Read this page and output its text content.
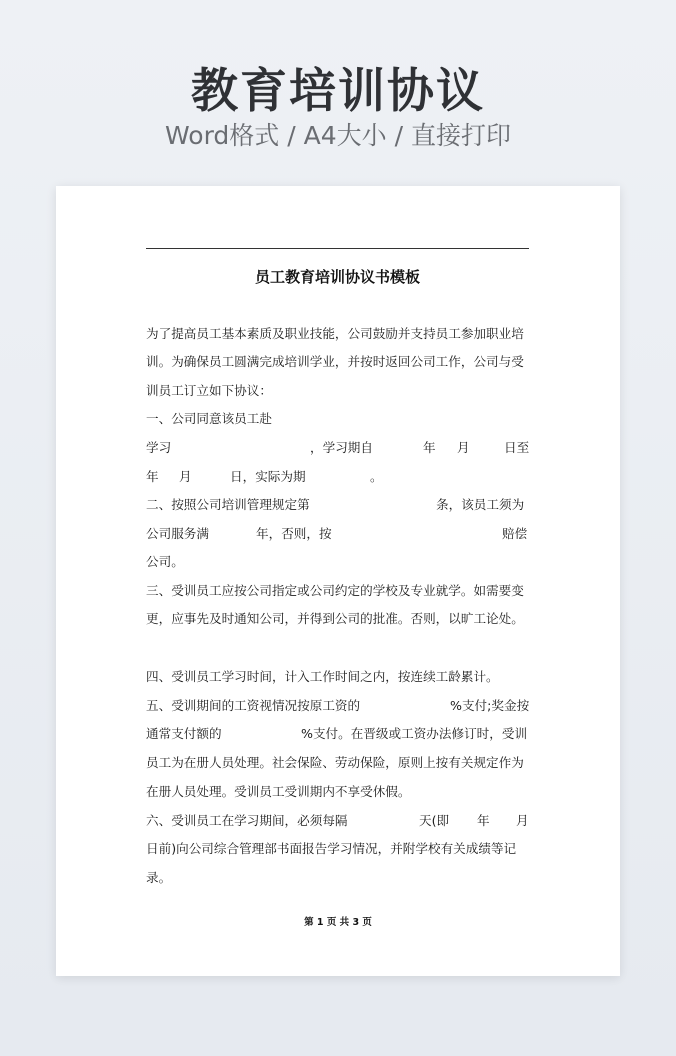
教育培训协议
Word格式 / A4大小 / 直接打印
员工教育培训协议书模板
为了提高员工基本素质及职业技能，公司鼓励并支持员工参加职业培
训。为确保员工圆满完成培训学业，并按时返回公司工作，公司与受
训员工订立如下协议：
一、公司同意该员工赴
学习	，学习期自	年 月	日至
年 月	日，实际为期	。
二、按照公司培训管理规定第	条，该员工须为
公司服务满	年，否则，按	赔偿
公司。
三、受训员工应按公司指定或公司约定的学校及专业就学。如需要变
更，应事先及时通知公司，并得到公司的批准。否则，以旷工论处。
四、受训员工学习时间，计入工作时间之内，按连续工龄累计。
五、受训期间的工资视情况按原工资的	%支付;奖金按
通常支付额的	%支付。在晋级或工资办法修订时，受训
员工为在册人员处理。社会保险、劳动保险，原则上按有关规定作为
在册人员处理。受训员工受训期内不享受休假。
六、受训员工在学习期间，必须每隔	天(即 年 月
日前)向公司综合管理部书面报告学习情况，并附学校有关成绩等记
录。
第 1 页 共 3 页
